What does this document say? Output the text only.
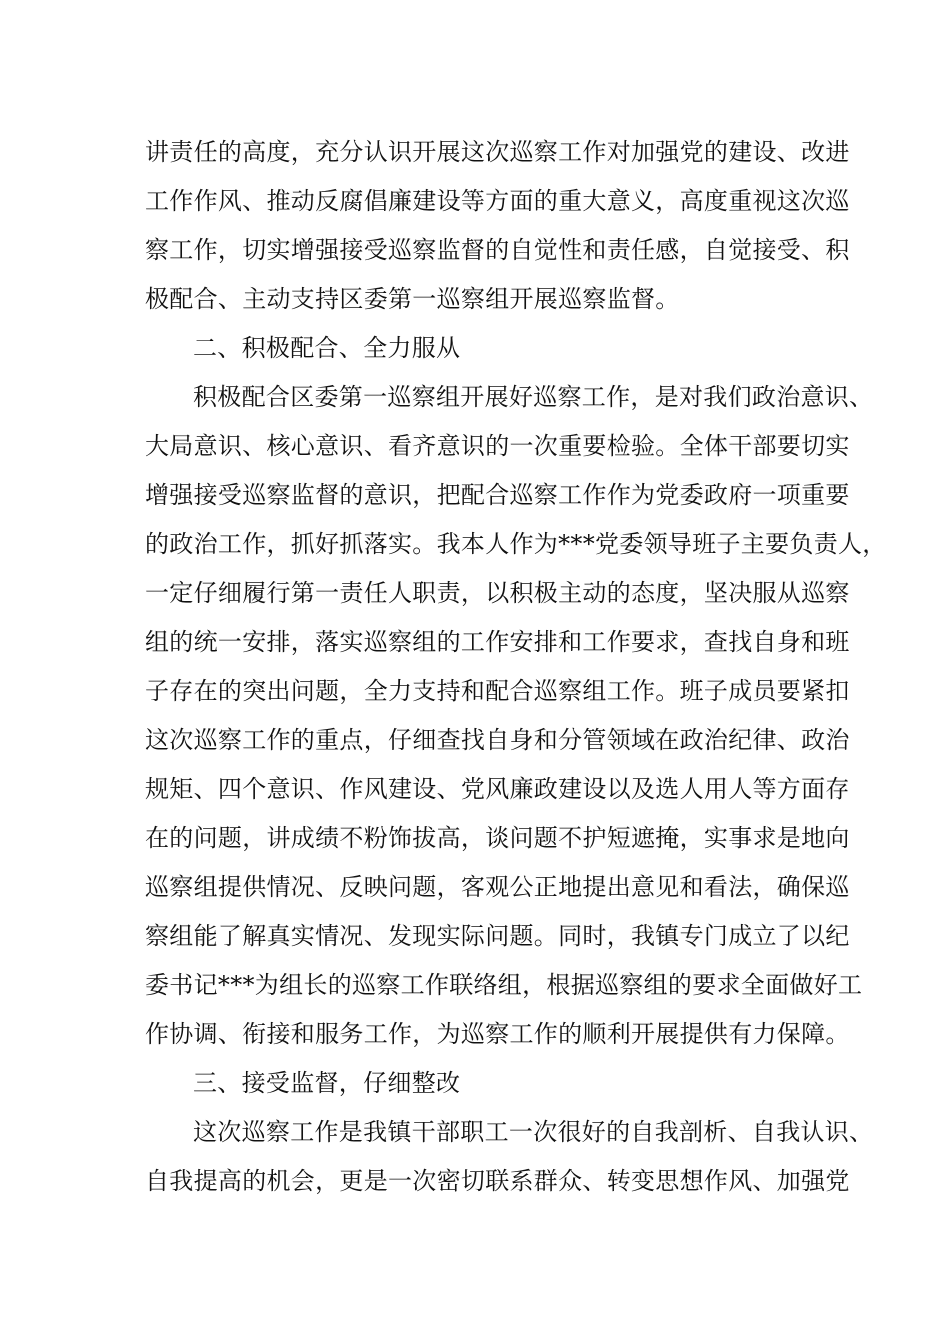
讲责任的高度，充分认识开展这次巡察工作对加强党的建设、改进
工作作风、推动反腐倡廉建设等方面的重大意义，高度重视这次巡
察工作，切实增强接受巡察监督的自觉性和责任感，自觉接受、积
极配合、主动支持区委第一巡察组开展巡察监督。
二、积极配合、全力服从
积极配合区委第一巡察组开展好巡察工作，是对我们政治意识、
大局意识、核心意识、看齐意识的一次重要检验。全体干部要切实
增强接受巡察监督的意识，把配合巡察工作作为党委政府一项重要
的政治工作，抓好抓落实。我本人作为***党委领导班子主要负责人，
一定仔细履行第一责任人职责，以积极主动的态度，坚决服从巡察
组的统一安排，落实巡察组的工作安排和工作要求，查找自身和班
子存在的突出问题，全力支持和配合巡察组工作。班子成员要紧扣
这次巡察工作的重点，仔细查找自身和分管领域在政治纪律、政治
规矩、四个意识、作风建设、党风廉政建设以及选人用人等方面存
在的问题，讲成绩不粉饰拔高，谈问题不护短遮掩，实事求是地向
巡察组提供情况、反映问题，客观公正地提出意见和看法，确保巡
察组能了解真实情况、发现实际问题。同时，我镇专门成立了以纪
委书记***为组长的巡察工作联络组，根据巡察组的要求全面做好工
作协调、衔接和服务工作，为巡察工作的顺利开展提供有力保障。
三、接受监督，仔细整改
这次巡察工作是我镇干部职工一次很好的自我剖析、自我认识、
自我提高的机会，更是一次密切联系群众、转变思想作风、加强党
